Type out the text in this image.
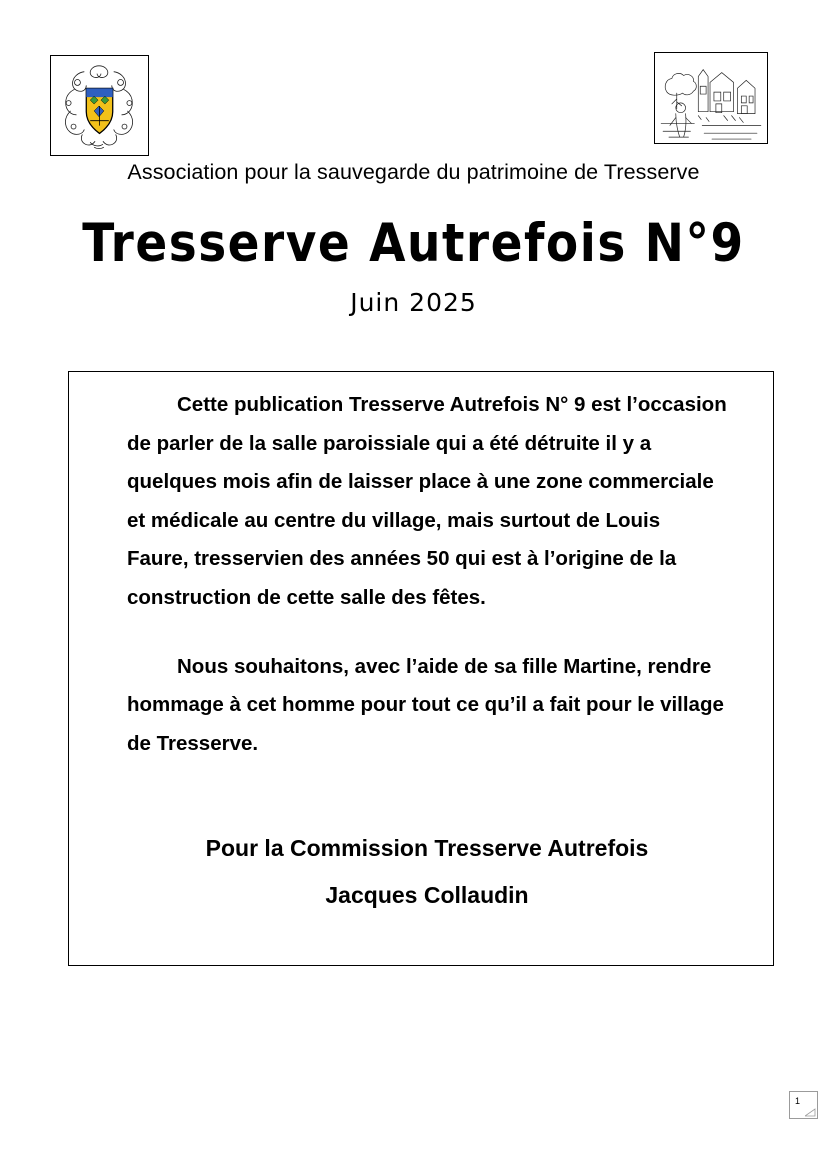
Association pour la sauvegarde du patrimoine de Tresserve
Tresserve Autrefois N°9
Juin 2025

Cette publication Tresserve Autrefois N° 9 est l’occasion de parler de la salle paroissiale qui a été détruite il y a quelques mois afin de laisser place à une zone commerciale et médicale au centre du village, mais surtout de Louis Faure, tresservien des années 50 qui est à l’origine de la construction de cette salle des fêtes.

Nous souhaitons, avec l’aide de sa fille Martine, rendre hommage à cet homme pour tout ce qu’il a fait pour le village de Tresserve.

Pour la Commission Tresserve Autrefois
Jacques Collaudin
1
